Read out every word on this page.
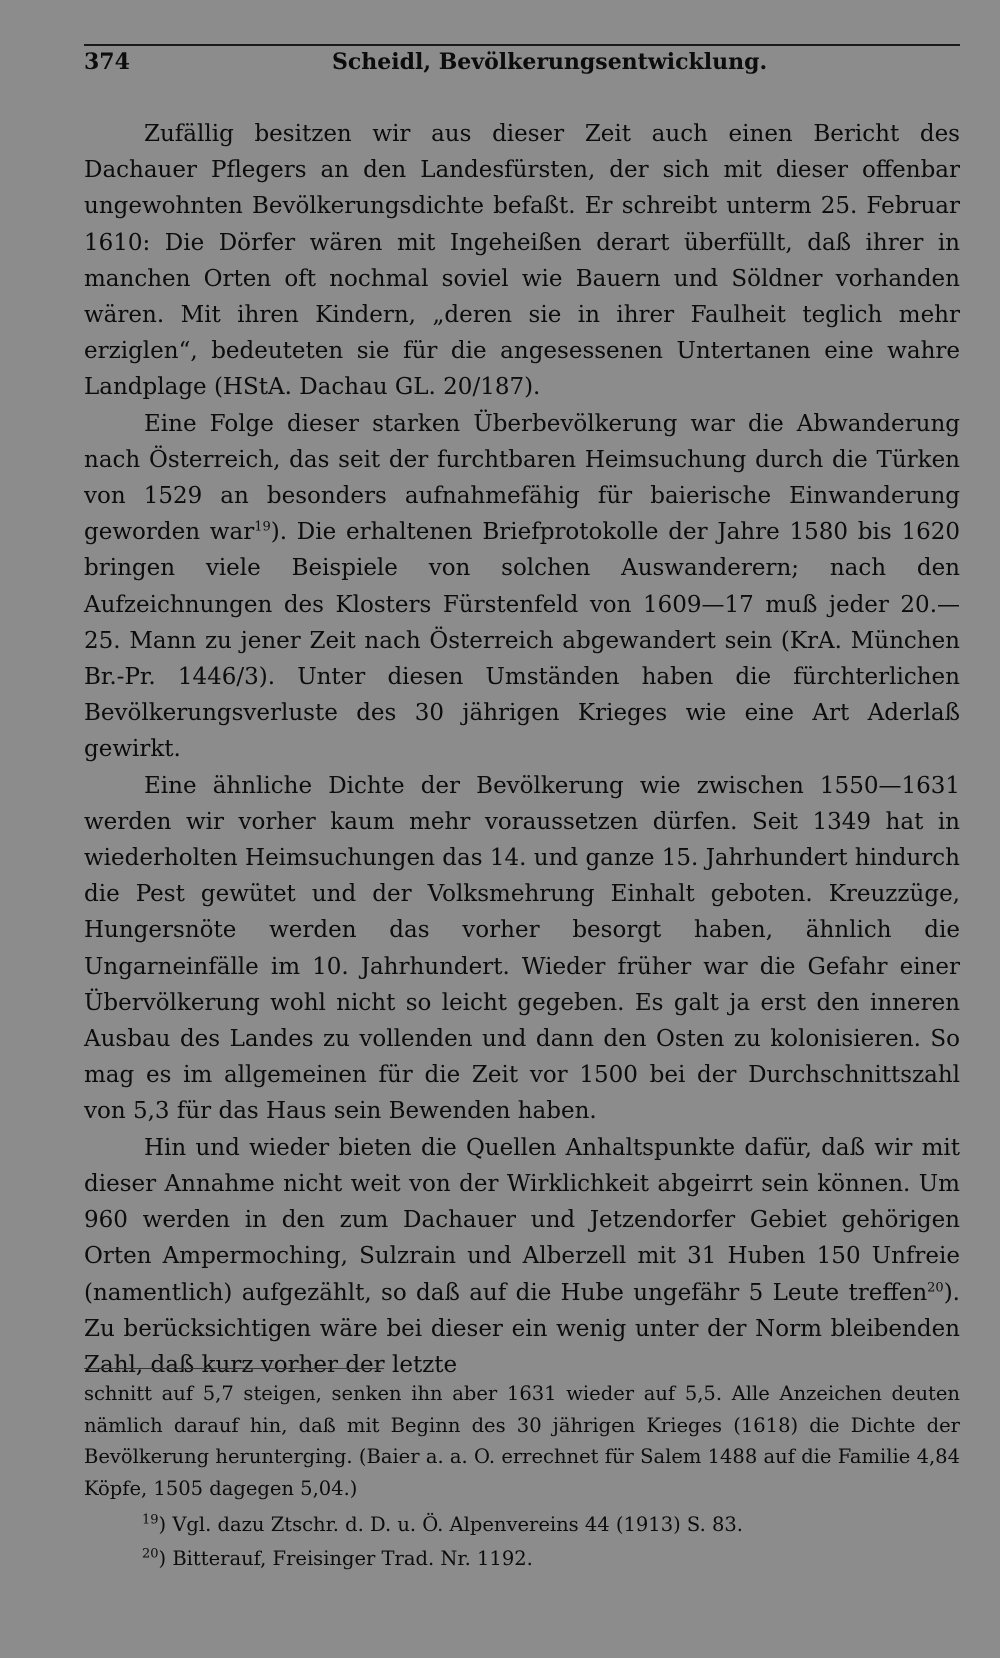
374	Scheidl, Bevölkerungsentwicklung.

Zufällig besitzen wir aus dieser Zeit auch einen Bericht des Dachauer Pflegers an den Landesfürsten, der sich mit dieser offenbar ungewohnten Bevölkerungsdichte befaßt. Er schreibt unterm 25. Februar 1610: Die Dörfer wären mit Ingeheißen derart überfüllt, daß ihrer in manchen Orten oft nochmal soviel wie Bauern und Söldner vorhanden wären. Mit ihren Kindern, „deren sie in ihrer Faulheit teglich mehr erziglen“, bedeuteten sie für die angesessenen Untertanen eine wahre Landplage (HStA. Dachau GL. 20/187).

Eine Folge dieser starken Überbevölkerung war die Abwanderung nach Österreich, das seit der furchtbaren Heimsuchung durch die Türken von 1529 an besonders aufnahmefähig für baierische Einwanderung geworden war$^{19}$). Die erhaltenen Briefprotokolle der Jahre 1580 bis 1620 bringen viele Beispiele von solchen Auswanderern; nach den Aufzeichnungen des Klosters Fürstenfeld von 1609—17 muß jeder 20.—25. Mann zu jener Zeit nach Österreich abgewandert sein (KrA. München Br.-Pr. 1446/3). Unter diesen Umständen haben die fürchterlichen Bevölkerungsverluste des 30 jährigen Krieges wie eine Art Aderlaß gewirkt.

Eine ähnliche Dichte der Bevölkerung wie zwischen 1550—1631 werden wir vorher kaum mehr voraussetzen dürfen. Seit 1349 hat in wiederholten Heimsuchungen das 14. und ganze 15. Jahrhundert hindurch die Pest gewütet und der Volksmehrung Einhalt geboten. Kreuzzüge, Hungersnöte werden das vorher besorgt haben, ähnlich die Ungarneinfälle im 10. Jahrhundert. Wieder früher war die Gefahr einer Übervölkerung wohl nicht so leicht gegeben. Es galt ja erst den inneren Ausbau des Landes zu vollenden und dann den Osten zu kolonisieren. So mag es im allgemeinen für die Zeit vor 1500 bei der Durchschnittszahl von 5,3 für das Haus sein Bewenden haben.

Hin und wieder bieten die Quellen Anhaltspunkte dafür, daß wir mit dieser Annahme nicht weit von der Wirklichkeit abgeirrt sein können. Um 960 werden in den zum Dachauer und Jetzendorfer Gebiet gehörigen Orten Ampermoching, Sulzrain und Alberzell mit 31 Huben 150 Unfreie (namentlich) aufgezählt, so daß auf die Hube ungefähr 5 Leute treffen$^{20}$). Zu berücksichtigen wäre bei dieser ein wenig unter der Norm bleibenden Zahl, daß kurz vorher der letzte

schnitt auf 5,7 steigen, senken ihn aber 1631 wieder auf 5,5. Alle Anzeichen deuten nämlich darauf hin, daß mit Beginn des 30 jährigen Krieges (1618) die Dichte der Bevölkerung herunterging. (Baier a. a. O. errechnet für Salem 1488 auf die Familie 4,84 Köpfe, 1505 dagegen 5,04.)

$^{19}$) Vgl. dazu Ztschr. d. D. u. Ö. Alpenvereins 44 (1913) S. 83.

$^{20}$) Bitterauf, Freisinger Trad. Nr. 1192.
